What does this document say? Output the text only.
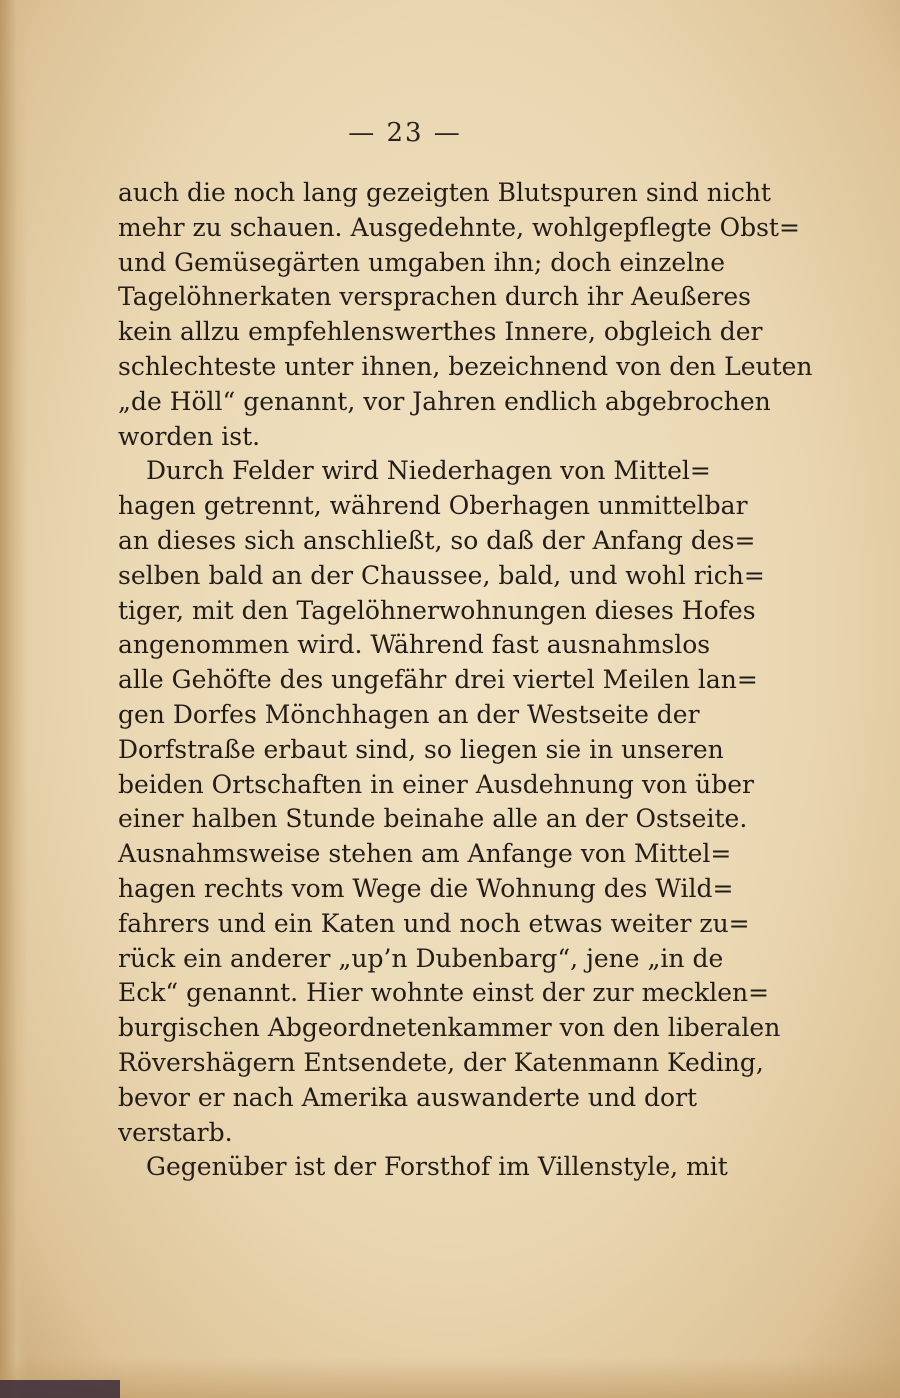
— 23 —
auch die noch lang gezeigten Blutspuren sind nicht
mehr zu schauen. Ausgedehnte, wohlgepflegte Obst=
und Gemüsegärten umgaben ihn; doch einzelne
Tagelöhnerkaten versprachen durch ihr Aeußeres
kein allzu empfehlenswerthes Innere, obgleich der
schlechteste unter ihnen, bezeichnend von den Leuten
„de Höll“ genannt, vor Jahren endlich abgebrochen
worden ist.
Durch Felder wird Niederhagen von Mittel=
hagen getrennt, während Oberhagen unmittelbar
an dieses sich anschließt, so daß der Anfang des=
selben bald an der Chaussee, bald, und wohl rich=
tiger, mit den Tagelöhnerwohnungen dieses Hofes
angenommen wird. Während fast ausnahmslos
alle Gehöfte des ungefähr drei viertel Meilen lan=
gen Dorfes Mönchhagen an der Westseite der
Dorfstraße erbaut sind, so liegen sie in unseren
beiden Ortschaften in einer Ausdehnung von über
einer halben Stunde beinahe alle an der Ostseite.
Ausnahmsweise stehen am Anfange von Mittel=
hagen rechts vom Wege die Wohnung des Wild=
fahrers und ein Katen und noch etwas weiter zu=
rück ein anderer „up’n Dubenbarg“, jene „in de
Eck“ genannt. Hier wohnte einst der zur mecklen=
burgischen Abgeordnetenkammer von den liberalen
Rövershägern Entsendete, der Katenmann Keding,
bevor er nach Amerika auswanderte und dort
verstarb.
Gegenüber ist der Forsthof im Villenstyle, mit
